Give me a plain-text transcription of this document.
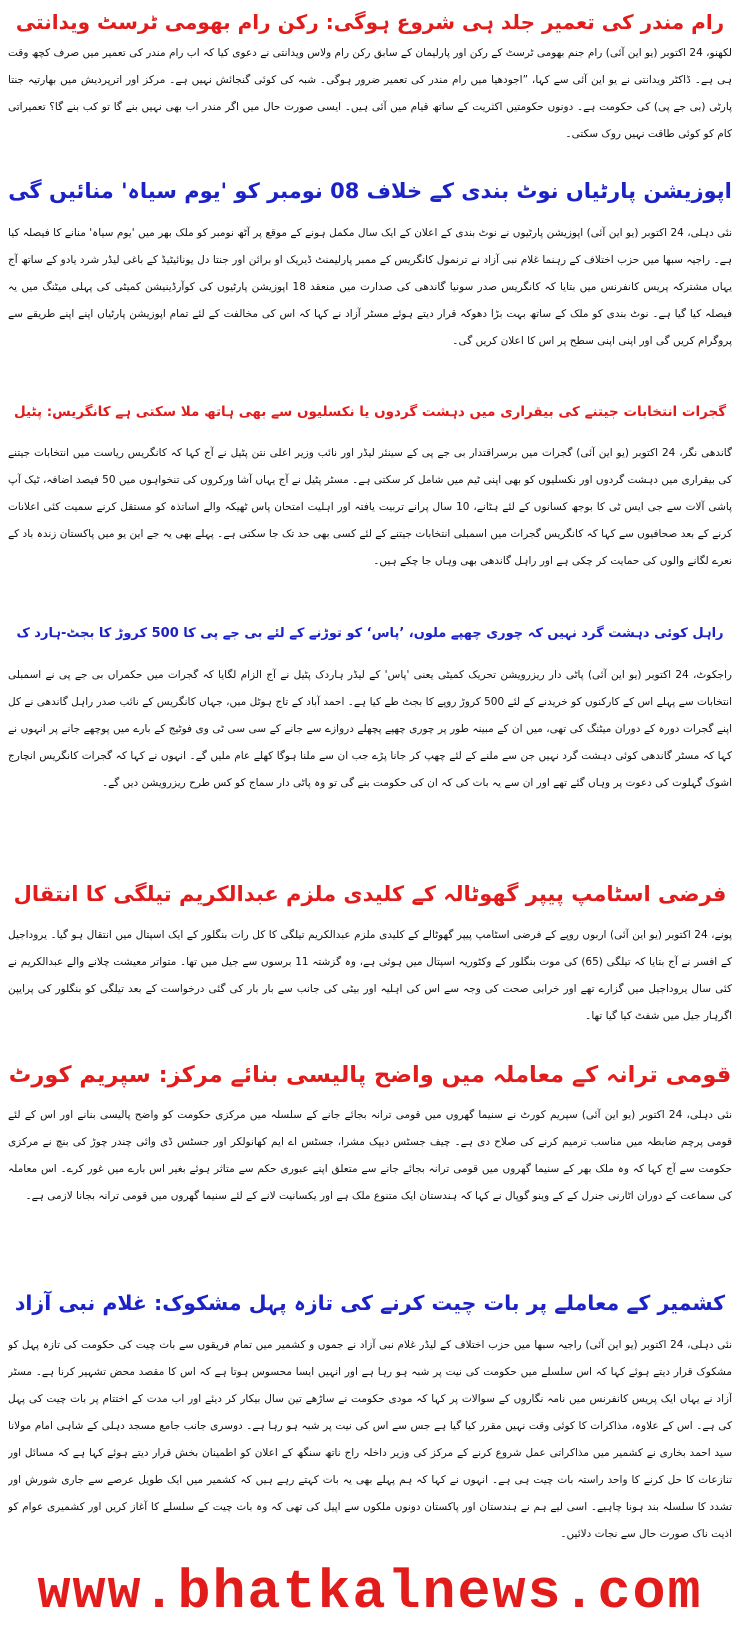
رام مندر کی تعمیر جلد ہی شروع ہوگی: رکن رام بھومی ٹرسٹ ویدانتی

لکھنو، 24 اکتوبر (یو این آئی) رام جنم بھومی ٹرسٹ کے رکن اور پارلیمان کے سابق رکن رام ولاس ویدانتی نے دعوی کیا کہ اب رام مندر کی تعمیر میں صرف کچھ وقت ہی ہے۔ ڈاکٹر ویدانتی نے یو این آئی سے کہا، ”اجودھیا میں رام مندر کی تعمیر ضرور ہوگی۔ شبہ کی کوئی گنجائش نہیں ہے۔ مرکز اور اترپردیش میں بھارتیہ جنتا پارٹی (بی جے پی) کی حکومت ہے۔ دونوں حکومتیں اکثریت کے ساتھ قیام میں آئی ہیں۔ ایسی صورت حال میں اگر مندر اب بھی نہیں بنے گا تو کب بنے گا؟ تعمیراتی کام کو کوئی طاقت نہیں روک سکتی۔

اپوزیشن پارٹیاں نوٹ بندی کے خلاف 08 نومبر کو 'یوم سیاہ' منائیں گی

نئی دہلی، 24 اکتوبر (یو این آئی) اپوزیشن پارٹیوں نے نوٹ بندی کے اعلان کے ایک سال مکمل ہونے کے موقع پر آٹھ نومبر کو ملک بھر میں 'یوم سیاہ' منانے کا فیصلہ کیا ہے۔ راجیہ سبھا میں حزب اختلاف کے رہنما غلام نبی آزاد نے ترنمول کانگریس کے ممبر پارلیمنٹ ڈیریک او برائن اور جنتا دل یونائیٹیڈ کے باغی لیڈر شرد یادو کے ساتھ آج یہاں مشترکہ پریس کانفرنس میں بتایا کہ کانگریس صدر سونیا گاندھی کی صدارت میں منعقد 18 اپوزیشن پارٹیوں کی کوآرڈینیشن کمیٹی کی پہلی میٹنگ میں یہ فیصلہ کیا گیا ہے۔ نوٹ بندی کو ملک کے ساتھ بہت بڑا دھوکہ قرار دیتے ہوئے مسٹر آزاد نے کہا کہ اس کی مخالفت کے لئے تمام اپوزیشن پارٹیاں اپنے اپنے طریقے سے پروگرام کریں گی اور اپنی اپنی سطح پر اس کا اعلان کریں گی۔

گجرات انتخابات جیتنے کی بیقراری میں دہشت گردوں یا نکسلیوں سے بھی ہاتھ ملا سکتی ہے کانگریس: پٹیل

گاندھی نگر، 24 اکتوبر (یو این آئی) گجرات میں برسراقتدار بی جے پی کے سینئر لیڈر اور نائب وزیر اعلی نتن پٹیل نے آج کہا کہ کانگریس ریاست میں انتخابات جیتنے کی بیقراری میں دہشت گردوں اور نکسلیوں کو بھی اپنی ٹیم میں شامل کر سکتی ہے۔ مسٹر پٹیل نے آج یہاں آشا ورکروں کی تنخواہوں میں 50 فیصد اضافہ، ٹیک آپ پاشی آلات سے جی ایس ٹی کا بوجھ کسانوں کے لئے ہٹانے، 10 سال پرانے تربیت یافتہ اور اہلیت امتحان پاس ٹھیکہ والے اساتذہ کو مستقل کرنے سمیت کئی اعلانات کرنے کے بعد صحافیوں سے کہا کہ کانگریس گجرات میں اسمبلی انتخابات جیتنے کے لئے کسی بھی حد تک جا سکتی ہے۔ پہلے بھی یہ جے این یو میں پاکستان زندہ باد کے نعرے لگانے والوں کی حمایت کر چکی ہے اور راہل گاندھی بھی وہاں جا چکے ہیں۔

راہل کوئی دہشت گرد نہیں کہ چوری چھپے ملوں، ’پاس‘ کو توڑنے کے لئے بی جے پی کا 500 کروڑ کا بجٹ-ہارد ک

راجکوٹ، 24 اکتوبر (یو این آئی) پاٹی دار ریزرویشن تحریک کمیٹی یعنی 'پاس' کے لیڈر ہاردک پٹیل نے آج الزام لگایا کہ گجرات میں حکمراں بی جے پی نے اسمبلی انتخابات سے پہلے اس کے کارکنوں کو خریدنے کے لئے 500 کروڑ روپے کا بجٹ طے کیا ہے۔ احمد آباد کے تاج ہوٹل میں، جہاں کانگریس کے نائب صدر راہل گاندھی نے کل اپنے گجرات دورہ کے دوران میٹنگ کی تھی، میں ان کے مبینہ طور پر چوری چھپے پچھلے دروازے سے جانے کے سی سی ٹی وی فوٹیج کے بارے میں پوچھے جانے پر انہوں نے کہا کہ مسٹر گاندھی کوئی دہشت گرد نہیں جن سے ملنے کے لئے چھپ کر جانا پڑے جب ان سے ملنا ہوگا کھلے عام ملیں گے۔ انہوں نے کہا کہ گجرات کانگریس انچارج اشوک گہلوت کی دعوت پر وہاں گئے تھے اور ان سے یہ بات کی کہ ان کی حکومت بنے گی تو وہ پاٹی دار سماج کو کس طرح ریزرویشن دیں گے۔

فرضی اسٹامپ پیپر گھوٹالہ کے کلیدی ملزم عبدالکریم تیلگی کا انتقال

پونے، 24 اکتوبر (یو این آئی) اربوں روپے کے فرضی اسٹامپ پیپر گھوٹالے کے کلیدی ملزم عبدالکریم تیلگی کا کل رات بنگلور کے ایک اسپتال میں انتقال ہو گیا۔ یروداجیل کے افسر نے آج بتایا کہ تیلگی (65) کی موت بنگلور کے وکٹوریہ اسپتال میں ہوئی ہے، وہ گزشتہ 11 برسوں سے جیل میں تھا۔ متواتر معیشت چلانے والے عبدالکریم نے کئی سال یروداجیل میں گزارے تھے اور خرابی صحت کی وجہ سے اس کی اہلیہ اور بیٹی کی جانب سے بار بار کی گئی درخواست کے بعد تیلگی کو بنگلور کی پرایپن اگرہار جیل میں شفٹ کیا گیا تھا۔

قومی ترانہ کے معاملہ میں واضح پالیسی بنائے مرکز: سپریم کورٹ

نئی دہلی، 24 اکتوبر (یو این آئی) سپریم کورٹ نے سنیما گھروں میں قومی ترانہ بجائے جانے کے سلسلہ میں مرکزی حکومت کو واضح پالیسی بنانے اور اس کے لئے قومی پرچم ضابطہ میں مناسب ترمیم کرنے کی صلاح دی ہے۔ چیف جسٹس دیپک مشرا، جسٹس اے ایم کھانولکر اور جسٹس ڈی وائی چندر چوڑ کی بنچ نے مرکزی حکومت سے آج کہا کہ وہ ملک بھر کے سنیما گھروں میں قومی ترانہ بجائے جانے سے متعلق اپنے عبوری حکم سے متاثر ہوئے بغیر اس بارے میں غور کرے۔ اس معاملہ کی سماعت کے دوران اٹارنی جنرل کے کے وینو گوپال نے کہا کہ ہندستان ایک متنوع ملک ہے اور یکسانیت لانے کے لئے سنیما گھروں میں قومی ترانہ بجانا لازمی ہے۔

کشمیر کے معاملے پر بات چیت کرنے کی تازہ پہل مشکوک: غلام نبی آزاد

نئی دہلی، 24 اکتوبر (یو این آئی) راجیہ سبھا میں حزب اختلاف کے لیڈر غلام نبی آزاد نے جموں و کشمیر میں تمام فریقوں سے بات چیت کی حکومت کی تازہ پہل کو مشکوک قرار دیتے ہوئے کہا کہ اس سلسلے میں حکومت کی نیت پر شبہ ہو رہا ہے اور انہیں ایسا محسوس ہوتا ہے کہ اس کا مقصد محض تشہیر کرنا ہے۔ مسٹر آزاد نے یہاں ایک پریس کانفرنس میں نامہ نگاروں کے سوالات پر کہا کہ مودی حکومت نے ساڑھے تین سال بیکار کر دیئے اور اب مدت کے اختتام پر بات چیت کی پہل کی ہے۔ اس کے علاوہ، مذاکرات کا کوئی وقت نہیں مقرر کیا گیا ہے جس سے اس کی نیت پر شبہ ہو رہا ہے۔ دوسری جانب جامع مسجد دہلی کے شاہی امام مولانا سید احمد بخاری نے کشمیر میں مذاکراتی عمل شروع کرنے کے مرکز کی وزیر داخلہ راج ناتھ سنگھ کے اعلان کو اطمینان بخش قرار دیتے ہوئے کہا ہے کہ مسائل اور تنازعات کا حل کرنے کا واحد راستہ بات چیت ہی ہے۔ انہوں نے کہا کہ ہم پہلے بھی یہ بات کہتے رہے ہیں کہ کشمیر میں ایک طویل عرصے سے جاری شورش اور تشدد کا سلسلہ بند ہونا چاہیے۔ اسی لیے ہم نے ہندستان اور پاکستان دونوں ملکوں سے اپیل کی تھی کہ وہ بات چیت کے سلسلے کا آغاز کریں اور کشمیری عوام کو اذیت ناک صورت حال سے نجات دلائیں۔

www.bhatkalnews.com
